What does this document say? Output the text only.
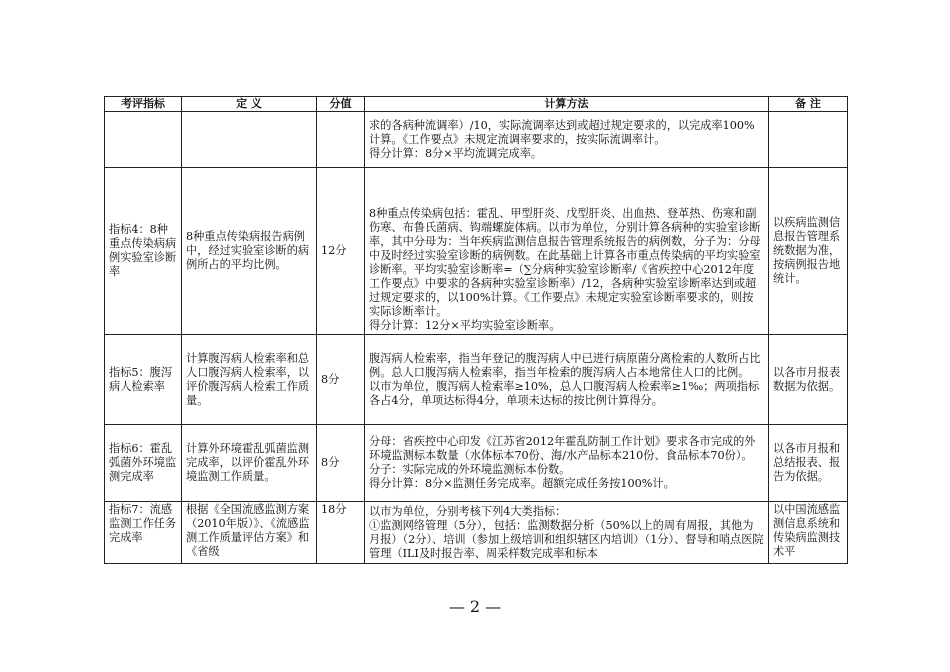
考评指标	定 义	分值	计算方法	备 注

			求的各病种流调率）/10，实际流调率达到或超过规定要求的，以完成率100%计算。《工作要点》未规定流调率要求的，按实际流调率计。
得分计算：8分×平均流调完成率。	

指标4：8种重点传染病病例实验室诊断率	8种重点传染病报告病例中，经过实验室诊断的病例所占的平均比例。	12分	8种重点传染病包括：霍乱、甲型肝炎、戊型肝炎、出血热、登革热、伤寒和副伤寒、布鲁氏菌病、钩端螺旋体病。以市为单位，分别计算各病种的实验室诊断率，其中分母为：当年疾病监测信息报告管理系统报告的病例数，分子为：分母中及时经过实验室诊断的病例数。在此基础上计算各市重点传染病的平均实验室诊断率。平均实验室诊断率=（∑分病种实验室诊断率/《省疾控中心2012年度工作要点》中要求的各病种实验室诊断率）/12，各病种实验室诊断率达到或超过规定要求的，以100%计算。《工作要点》未规定实验室诊断率要求的，则按实际诊断率计。
得分计算：12分×平均实验室诊断率。	以疾病监测信息报告管理系统数据为准，按病例报告地统计。
指标5：腹泻病人检索率	计算腹泻病人检索率和总人口腹泻病人检索率，以评价腹泻病人检索工作质量。	8分	腹泻病人检索率，指当年登记的腹泻病人中已进行病原菌分离检索的人数所占比例。总人口腹泻病人检索率，指当年检索的腹泻病人占本地常住人口的比例。
以市为单位，腹泻病人检索率≥10%，总人口腹泻病人检索率≥1‰；两项指标各占4分，单项达标得4分，单项未达标的按比例计算得分。	以各市月报表数据为依据。
指标6：霍乱弧菌外环境监测完成率	计算外环境霍乱弧菌监测完成率，以评价霍乱外环境监测工作质量。	8分	分母：省疾控中心印发《江苏省2012年霍乱防制工作计划》要求各市完成的外环境监测标本数量（水体标本70份、海/水产品标本210份、食品标本70份）。
分子：实际完成的外环境监测标本份数。
得分计算：8分×监测任务完成率。超额完成任务按100%计。	以各市月报和总结报表、报告为依据。
指标7：流感监测工作任务完成率	根据《全国流感监测方案（2010年版）》、《流感监测工作质量评估方案》和《省级	18分	以市为单位，分别考核下列4大类指标：
①监测网络管理（5分），包括：监测数据分析（50%以上的周有周报，其他为月报）（2分）、培训（参加上级培训和组织辖区内培训）（1分）、督导和哨点医院管理（ILI及时报告率、周采样数完成率和标本	以中国流感监测信息系统和传染病监测技术平
— 2 —
